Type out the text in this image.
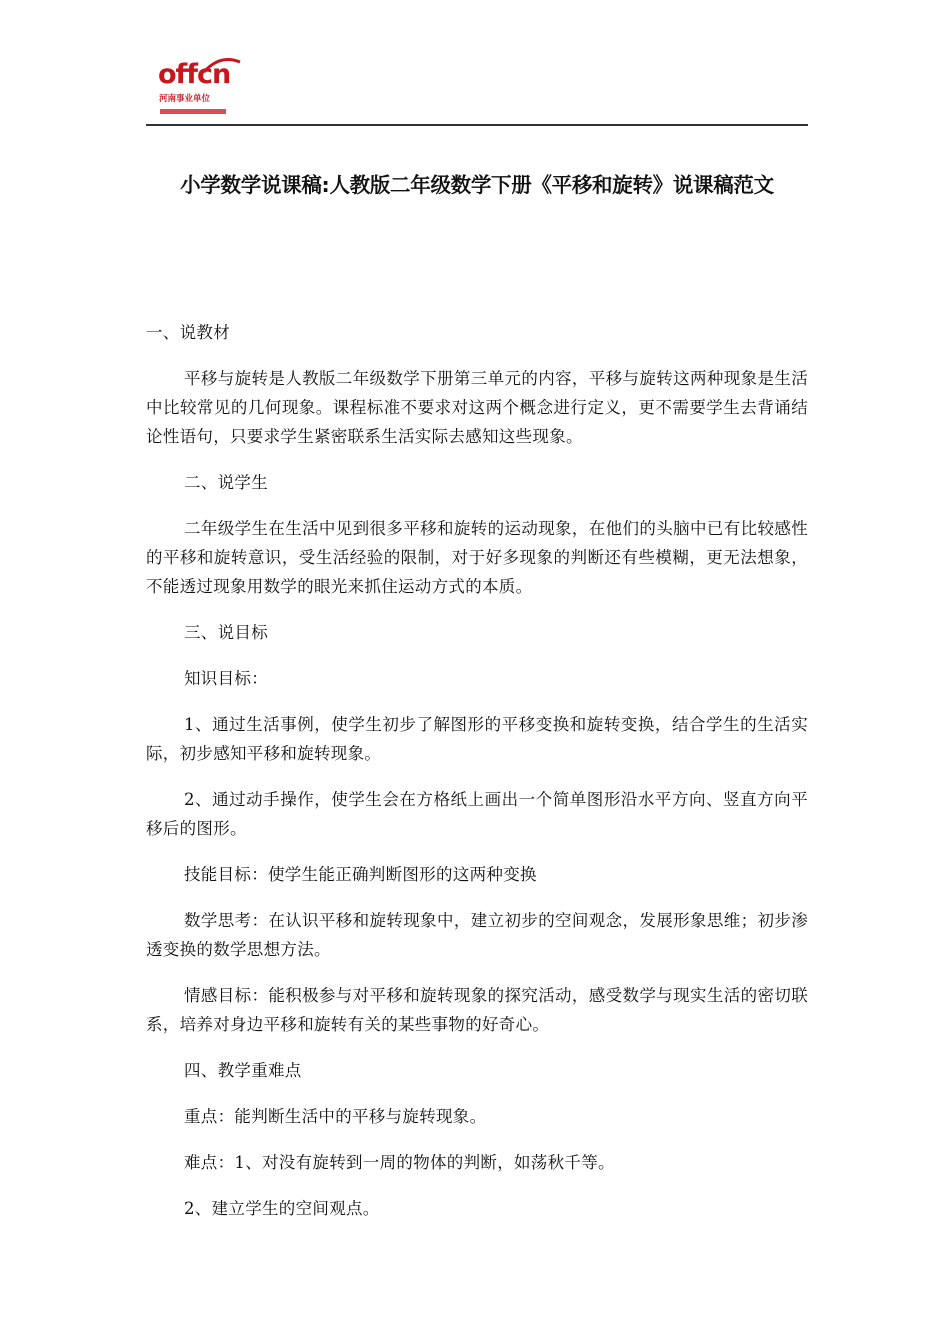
offcn
河南事业单位
小学数学说课稿:人教版二年级数学下册《平移和旋转》说课稿范文

一、说教材

平移与旋转是人教版二年级数学下册第三单元的内容，平移与旋转这两种现象是生活中比较常见的几何现象。课程标准不要求对这两个概念进行定义，更不需要学生去背诵结论性语句，只要求学生紧密联系生活实际去感知这些现象。

二、说学生

二年级学生在生活中见到很多平移和旋转的运动现象，在他们的头脑中已有比较感性的平移和旋转意识，受生活经验的限制，对于好多现象的判断还有些模糊，更无法想象，不能透过现象用数学的眼光来抓住运动方式的本质。

三、说目标

知识目标：

1、通过生活事例，使学生初步了解图形的平移变换和旋转变换，结合学生的生活实际，初步感知平移和旋转现象。

2、通过动手操作，使学生会在方格纸上画出一个简单图形沿水平方向、竖直方向平移后的图形。

技能目标：使学生能正确判断图形的这两种变换

数学思考：在认识平移和旋转现象中，建立初步的空间观念，发展形象思维；初步渗透变换的数学思想方法。

情感目标：能积极参与对平移和旋转现象的探究活动，感受数学与现实生活的密切联系，培养对身边平移和旋转有关的某些事物的好奇心。

四、教学重难点

重点：能判断生活中的平移与旋转现象。

难点：1、对没有旋转到一周的物体的判断，如荡秋千等。

2、建立学生的空间观点。
